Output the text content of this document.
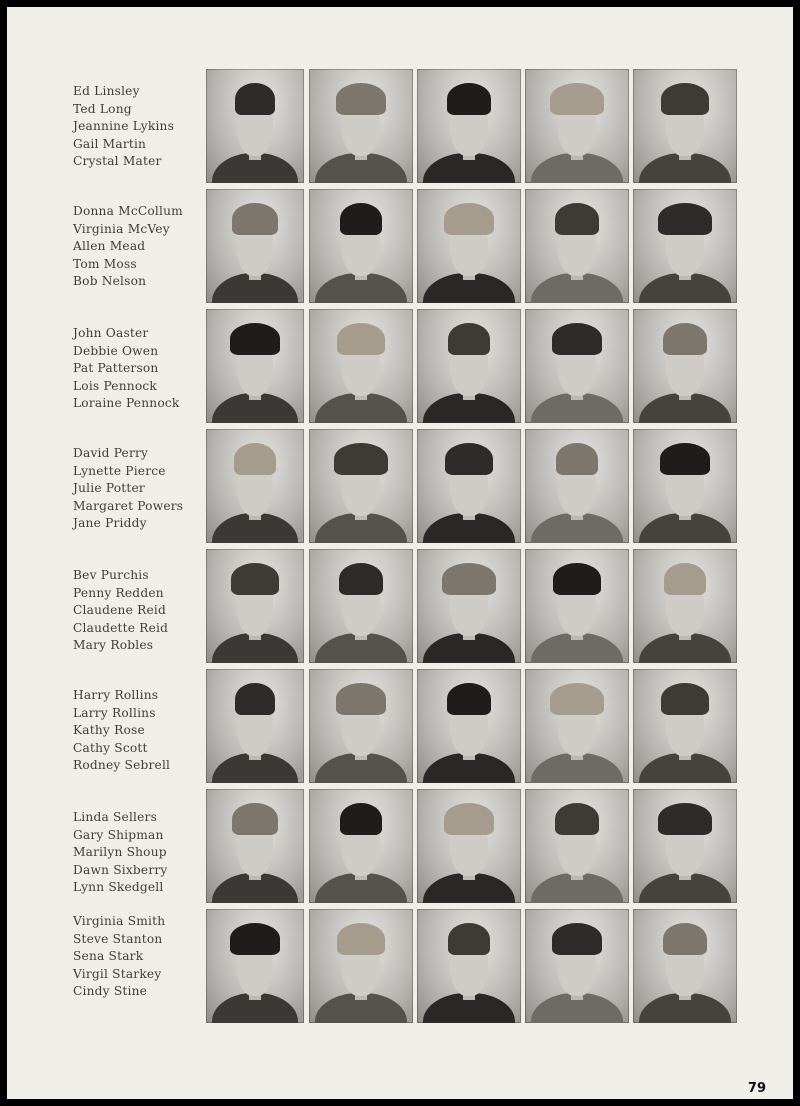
Ed Linsley
Ted Long
Jeannine Lykins
Gail Martin
Crystal Mater
Donna McCollum
Virginia McVey
Allen Mead
Tom Moss
Bob Nelson
John Oaster
Debbie Owen
Pat Patterson
Lois Pennock
Loraine Pennock
David Perry
Lynette Pierce
Julie Potter
Margaret Powers
Jane Priddy
Bev Purchis
Penny Redden
Claudene Reid
Claudette Reid
Mary Robles
Harry Rollins
Larry Rollins
Kathy Rose
Cathy Scott
Rodney Sebrell
Linda Sellers
Gary Shipman
Marilyn Shoup
Dawn Sixberry
Lynn Skedgell
Virginia Smith
Steve Stanton
Sena Stark
Virgil Starkey
Cindy Stine
79
